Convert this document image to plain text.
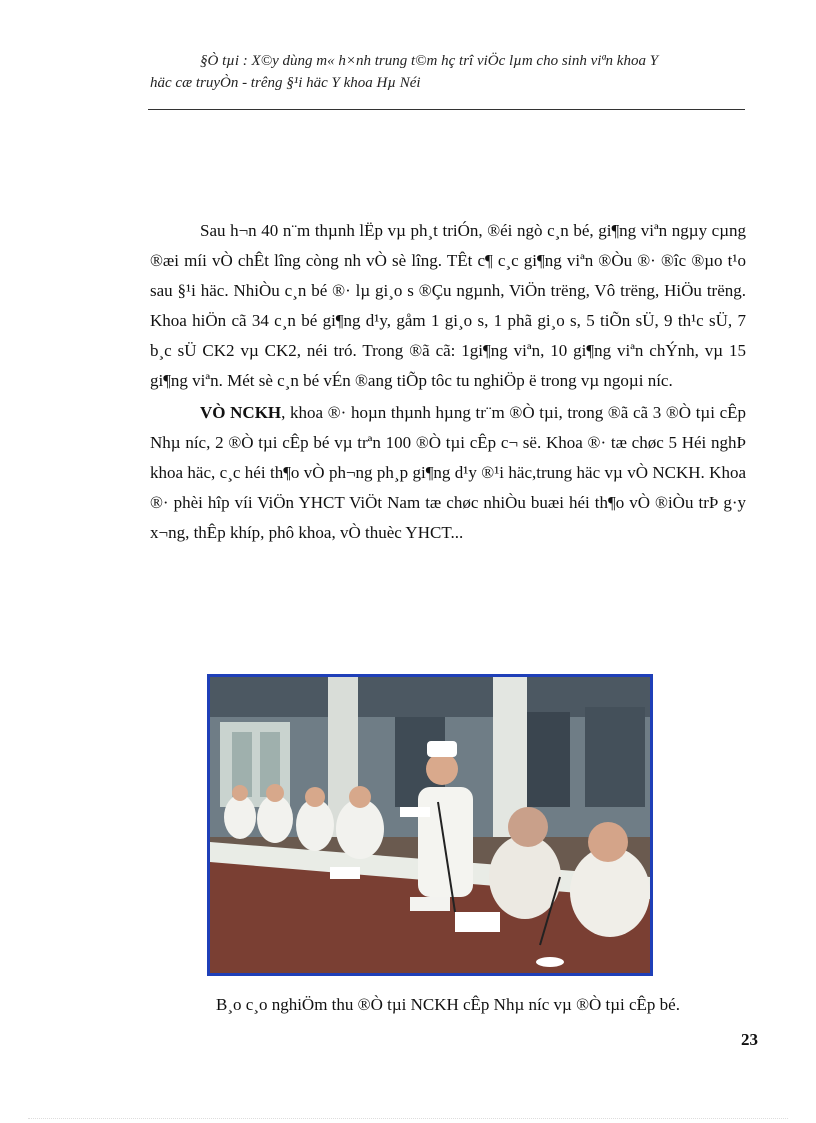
§Ò tµi : X©y dùng m« h×nh trung t©m hç trî viÖc lµm cho sinh viªn khoa Y
häc cæ truyÒn - trêng §¹i häc Y khoa Hµ Néi

Sau h¬n 40 n¨m thµnh lËp vµ ph¸t triÓn, ®éi ngò c¸n bé, gi¶ng viªn ngµy cµng ®æi míi vÒ chÊt lîng còng nh vÒ sè lîng. TÊt c¶ c¸c gi¶ng viªn ®Òu ®· ®îc ®µo t¹o sau §¹i häc. NhiÒu c¸n bé ®· lµ gi¸o s ®Çu ngµnh, ViÖn trëng, Vô trëng, HiÖu trëng. Khoa hiÖn cã 34 c¸n bé gi¶ng d¹y, gåm 1 gi¸o s, 1 phã gi¸o s, 5 tiÕn sÜ, 9 th¹c sÜ, 7 b¸c sÜ CK2 vµ CK2, néi tró. Trong ®ã cã: 1gi¶ng viªn, 10 gi¶ng viªn chÝnh, vµ 15 gi¶ng viªn. Mét sè c¸n bé vÉn ®ang tiÕp tôc tu nghiÖp ë trong vµ ngoµi níc.

VÒ NCKH, khoa ®· hoµn thµnh hµng tr¨m ®Ò tµi, trong ®ã cã 3 ®Ò tµi cÊp Nhµ níc, 2 ®Ò tµi cÊp bé vµ trªn 100 ®Ò tµi cÊp c¬ së. Khoa ®· tæ chøc 5 Héi nghÞ khoa häc, c¸c héi th¶o vÒ ph¬ng ph¸p gi¶ng d¹y ®¹i häc,trung häc vµ vÒ NCKH. Khoa ®· phèi hîp víi ViÖn YHCT ViÖt Nam tæ chøc nhiÒu buæi héi th¶o vÒ ®iÒu trÞ g·y x¬ng, thÊp khíp, phô khoa, vÒ thuèc YHCT...

B¸o c¸o nghiÖm thu ®Ò tµi NCKH cÊp Nhµ níc vµ ®Ò tµi cÊp bé.
23
